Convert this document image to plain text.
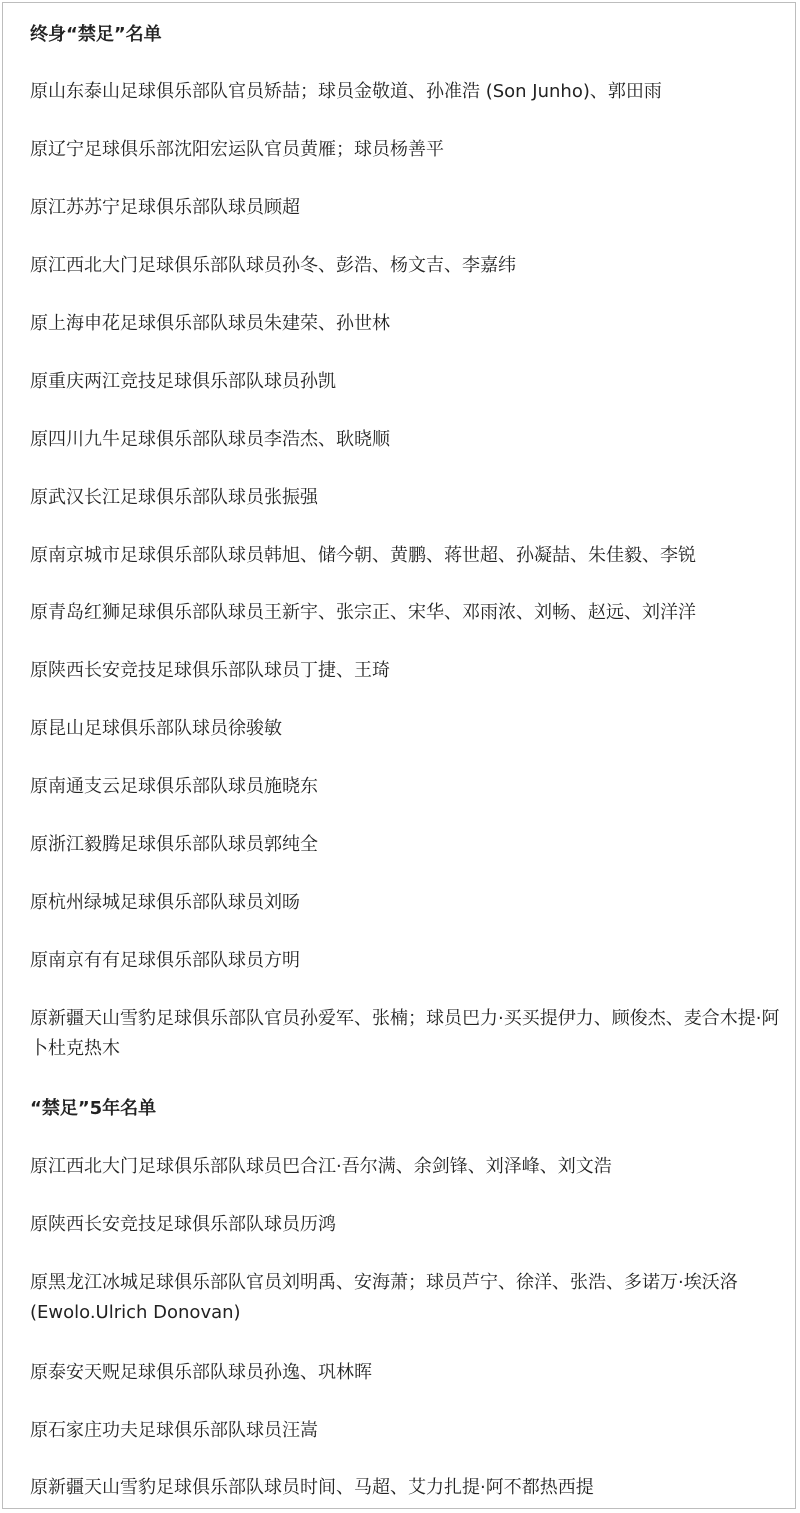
终身“禁足”名单
原山东泰山足球俱乐部队官员矫喆；球员金敬道、孙准浩 (Son Junho)、郭田雨
原辽宁足球俱乐部沈阳宏运队官员黄雁；球员杨善平
原江苏苏宁足球俱乐部队球员顾超
原江西北大门足球俱乐部队球员孙冬、彭浩、杨文吉、李嘉纬
原上海申花足球俱乐部队球员朱建荣、孙世林
原重庆两江竞技足球俱乐部队球员孙凯
原四川九牛足球俱乐部队球员李浩杰、耿晓顺
原武汉长江足球俱乐部队球员张振强
原南京城市足球俱乐部队球员韩旭、储今朝、黄鹏、蒋世超、孙凝喆、朱佳毅、李锐
原青岛红狮足球俱乐部队球员王新宇、张宗正、宋华、邓雨浓、刘畅、赵远、刘洋洋
原陕西长安竞技足球俱乐部队球员丁捷、王琦
原昆山足球俱乐部队球员徐骏敏
原南通支云足球俱乐部队球员施晓东
原浙江毅腾足球俱乐部队球员郭纯全
原杭州绿城足球俱乐部队球员刘旸
原南京有有足球俱乐部队球员方明
原新疆天山雪豹足球俱乐部队官员孙爱军、张楠；球员巴力·买买提伊力、顾俊杰、麦合木提·阿卜杜克热木
“禁足”5年名单
原江西北大门足球俱乐部队球员巴合江·吾尔满、余剑锋、刘泽峰、刘文浩
原陕西长安竞技足球俱乐部队球员历鸿
原黑龙江冰城足球俱乐部队官员刘明禹、安海萧；球员芦宁、徐洋、张浩、多诺万·埃沃洛(Ewolo.Ulrich Donovan)
原泰安天贶足球俱乐部队球员孙逸、巩林晖
原石家庄功夫足球俱乐部队球员汪嵩
原新疆天山雪豹足球俱乐部队球员时间、马超、艾力扎提·阿不都热西提
